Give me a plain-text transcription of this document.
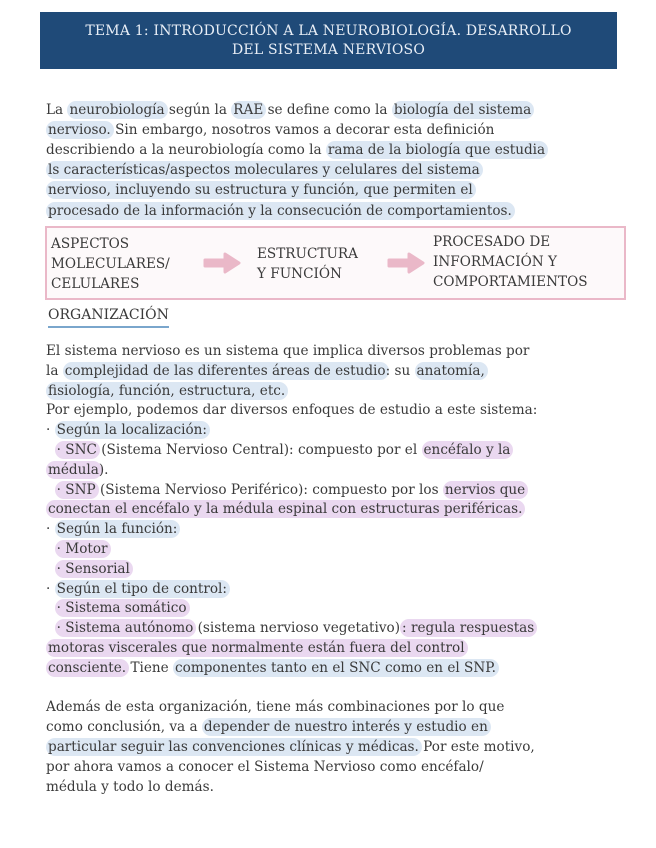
TEMA 1: INTRODUCCIÓN A LA NEUROBIOLOGÍA. DESARROLLO
DEL SISTEMA NERVIOSO
La neurobiología según la RAE se define como la biología del sistema
nervioso. Sin embargo, nosotros vamos a decorar esta definición
describiendo a la neurobiología como la rama de la biología que estudia
ls características/aspectos moleculares y celulares del sistema
nervioso, incluyendo su estructura y función, que permiten el
procesado de la información y la consecución de comportamientos.
ASPECTOS
MOLECULARES/
CELULARES
ESTRUCTURA
Y FUNCIÓN
PROCESADO DE
INFORMACIÓN Y
COMPORTAMIENTOS
ORGANIZACIÓN
El sistema nervioso es un sistema que implica diversos problemas por
la complejidad de las diferentes áreas de estudio: su anatomía,
fisiología, función, estructura, etc.
Por ejemplo, podemos dar diversos enfoques de estudio a este sistema:
· Según la localización:
· SNC (Sistema Nervioso Central): compuesto por el encéfalo y la
médula).
· SNP (Sistema Nervioso Periférico): compuesto por los nervios que
conectan el encéfalo y la médula espinal con estructuras periféricas.
· Según la función:
· Motor
· Sensorial
· Según el tipo de control:
· Sistema somático
· Sistema autónomo (sistema nervioso vegetativo) : regula respuestas
motoras viscerales que normalmente están fuera del control
consciente. Tiene componentes tanto en el SNC como en el SNP.
Además de esta organización, tiene más combinaciones por lo que
como conclusión, va a depender de nuestro interés y estudio en
particular seguir las convenciones clínicas y médicas. Por este motivo,
por ahora vamos a conocer el Sistema Nervioso como encéfalo/
médula y todo lo demás.
